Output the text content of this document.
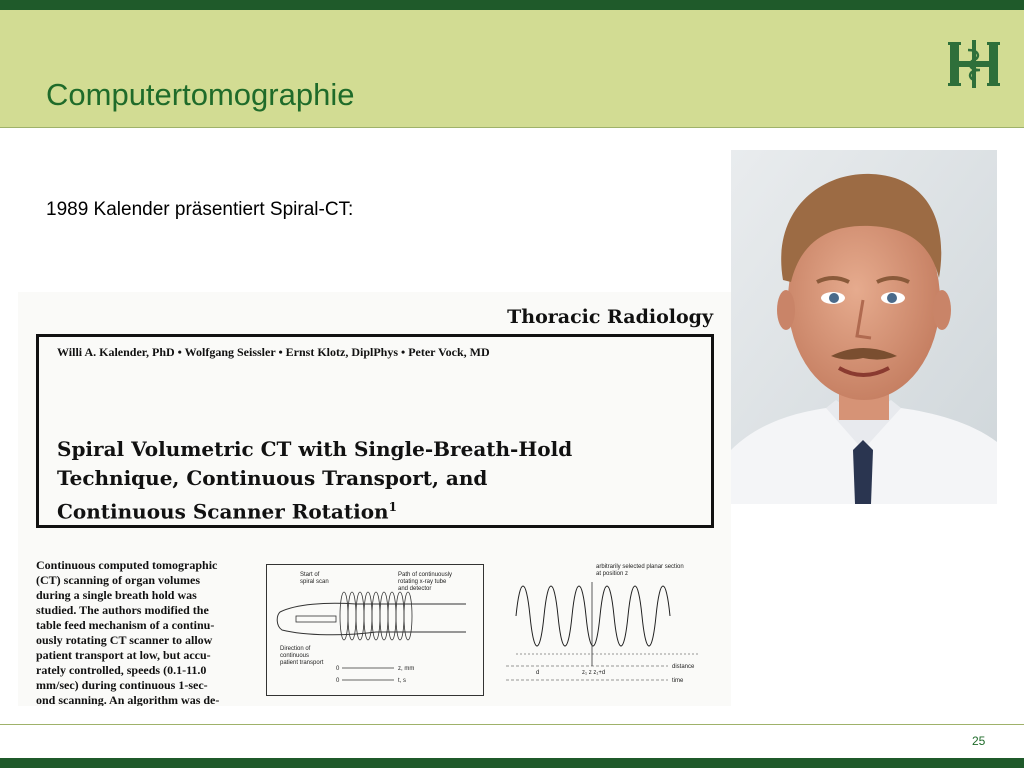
Computertomographie
1989 Kalender präsentiert Spiral-CT:
Thoracic Radiology
Willi A. Kalender, PhD • Wolfgang Seissler • Ernst Klotz, DiplPhys • Peter Vock, MD
Spiral Volumetric CT with Single-Breath-Hold
Technique, Continuous Transport, and
Continuous Scanner Rotation$^1$
Continuous computed tomographic
(CT) scanning of organ volumes
during a single breath hold was
studied. The authors modified the
table feed mechanism of a continu-
ously rotating CT scanner to allow
patient transport at low, but accu-
rately controlled, speeds (0.1-11.0
mm/sec) during continuous 1-sec-
ond scanning. An algorithm was de-
Start of
spiral scan
Path of continuously
rotating x-ray tube
and detector
Direction of
continuous
patient transport
0	z, mm
0	t, s
arbitrarily selected planar section
at position z
distance
time
d	z₁ z z₁+d
25
